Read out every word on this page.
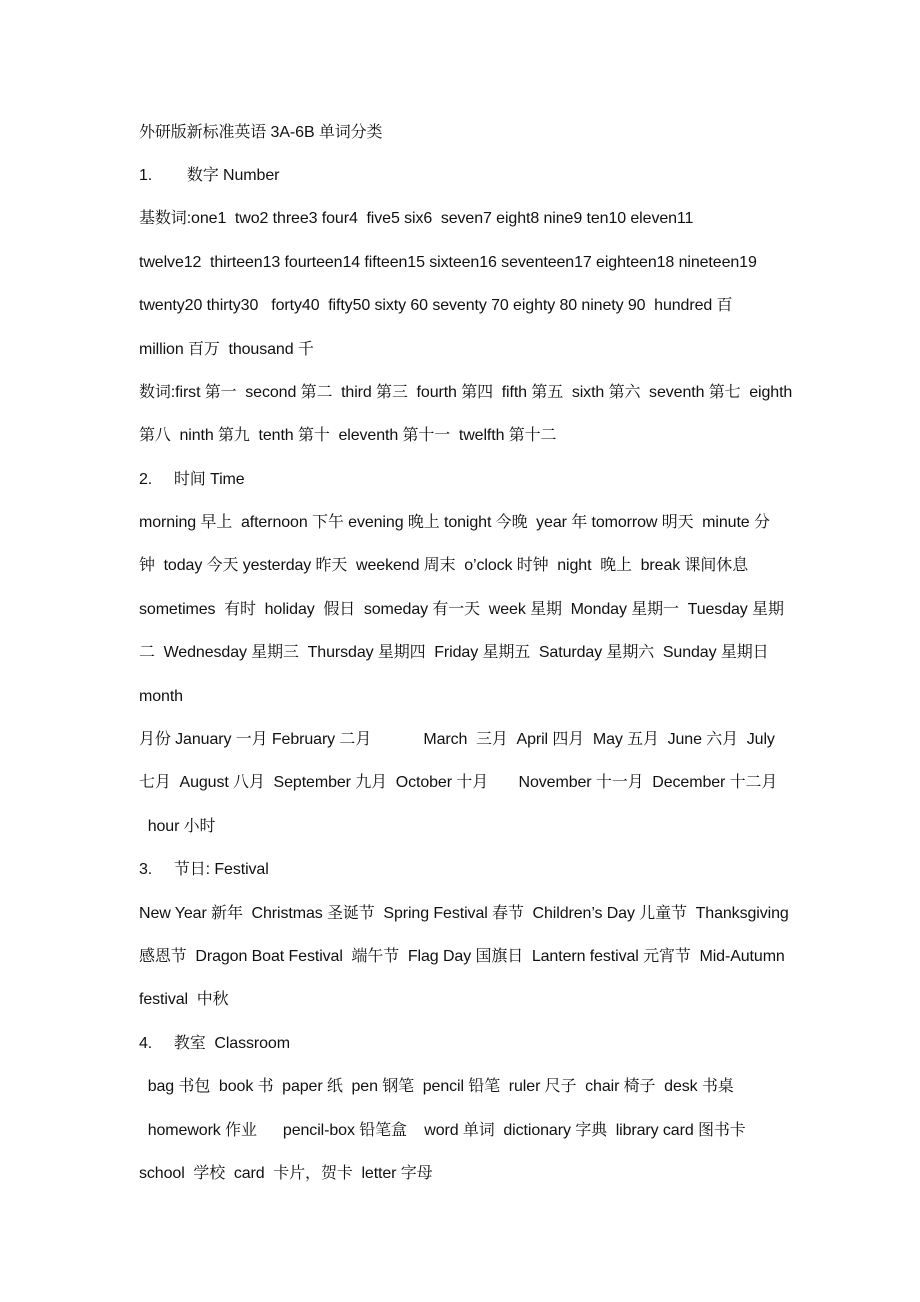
外研版新标准英语 3A-6B 单词分类
1.        数字 Number
基数词:one1  two2 three3 four4  five5 six6  seven7 eight8 nine9 ten10 eleven11
twelve12  thirteen13 fourteen14 fifteen15 sixteen16 seventeen17 eighteen18 nineteen19
twenty20 thirty30   forty40  fifty50 sixty 60 seventy 70 eighty 80 ninety 90  hundred 百
million 百万  thousand 千
数词:first 第一  second 第二  third 第三  fourth 第四  fifth 第五  sixth 第六  seventh 第七  eighth
第八  ninth 第九  tenth 第十  eleventh 第十一  twelfth 第十二
2.     时间 Time
morning 早上  afternoon 下午 evening 晚上 tonight 今晚  year 年 tomorrow 明天  minute 分
钟  today 今天 yesterday 昨天  weekend 周末  o’clock 时钟  night  晚上  break 课间休息
sometimes  有时  holiday  假日  someday 有一天  week 星期  Monday 星期一  Tuesday 星期
二  Wednesday 星期三  Thursday 星期四  Friday 星期五  Saturday 星期六  Sunday 星期日
month
月份 January 一月 February 二月            March  三月  April 四月  May 五月  June 六月  July
七月  August 八月  September 九月  October 十月       November 十一月  December 十二月
hour 小时
3.     节日: Festival
New Year 新年  Christmas 圣诞节  Spring Festival 春节  Children’s Day 儿童节  Thanksgiving
感恩节  Dragon Boat Festival  端午节  Flag Day 国旗日  Lantern festival 元宵节  Mid-Autumn
festival  中秋
4.     教室  Classroom
bag 书包  book 书  paper 纸  pen 钢笔  pencil 铅笔  ruler 尺子  chair 椅子  desk 书桌
homework 作业      pencil-box 铅笔盒    word 单词  dictionary 字典  library card 图书卡
school  学校  card  卡片，贺卡  letter 字母
